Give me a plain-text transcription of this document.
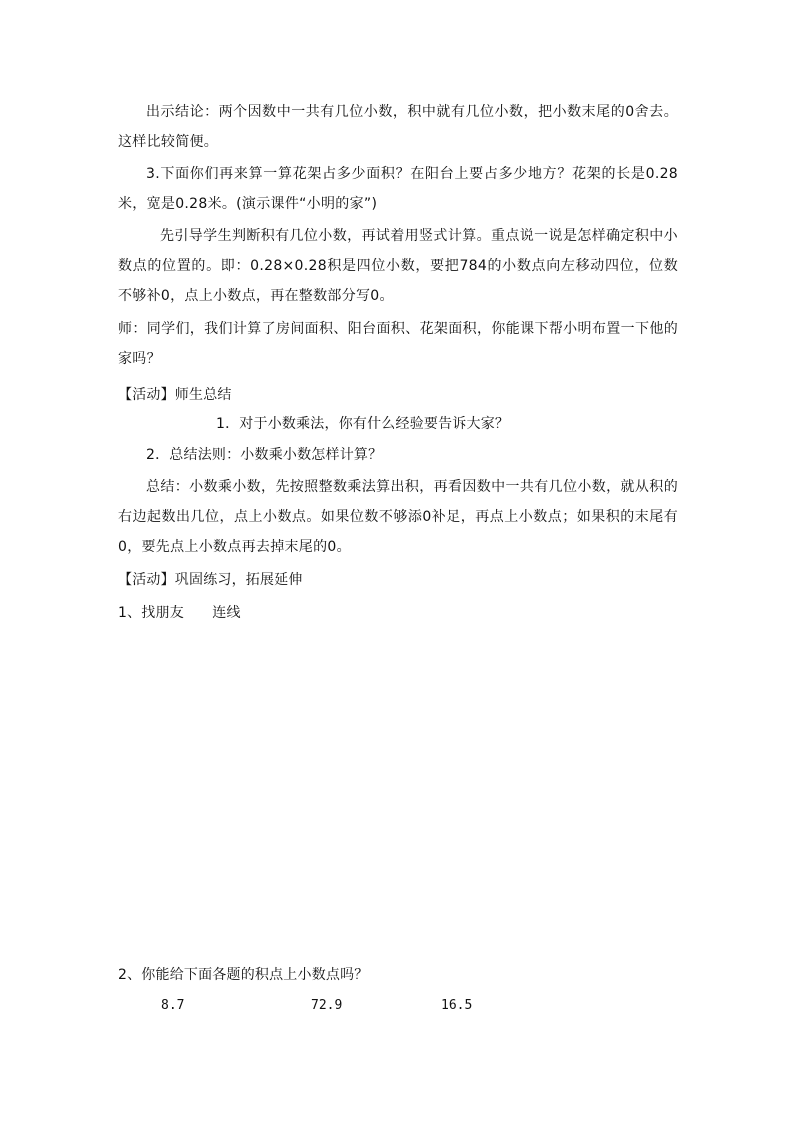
出示结论：两个因数中一共有几位小数，积中就有几位小数，把小数末尾的0舍去。这样比较简便。
3.下面你们再来算一算花架占多少面积？在阳台上要占多少地方？花架的长是0.28米，宽是0.28米。(演示课件“小明的家”)
先引导学生判断积有几位小数，再试着用竖式计算。重点说一说是怎样确定积中小数点的位置的。即：0.28×0.28积是四位小数，要把784的小数点向左移动四位，位数不够补0，点上小数点，再在整数部分写0。
师：同学们，我们计算了房间面积、阳台面积、花架面积，你能课下帮小明布置一下他的家吗？
【活动】师生总结
1．对于小数乘法，你有什么经验要告诉大家？
2．总结法则：小数乘小数怎样计算？
总结：小数乘小数，先按照整数乘法算出积，再看因数中一共有几位小数，就从积的右边起数出几位，点上小数点。如果位数不够添0补足，再点上小数点；如果积的末尾有0，要先点上小数点再去掉末尾的0。
【活动】巩固练习，拓展延伸
1、找朋友　　连线
2、你能给下面各题的积点上小数点吗？
8.7	72.9	16.5
